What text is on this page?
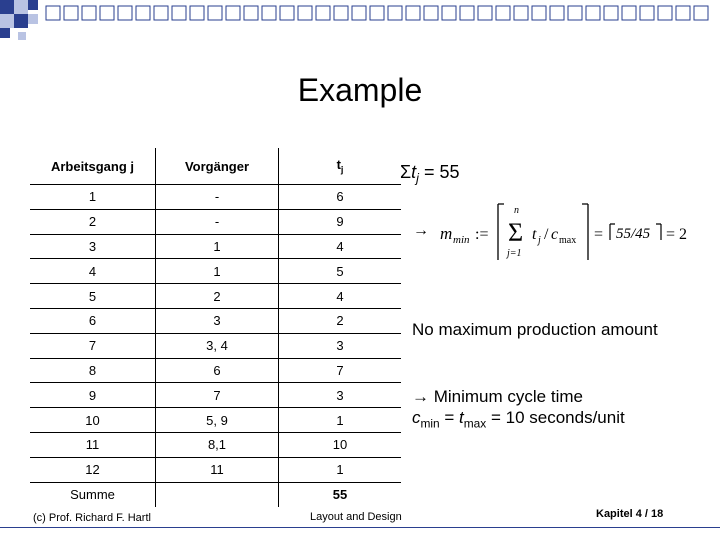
Example
Arbeitsgang j	Vorgänger	$t_j$
1	-	6
2	-	9
3	1	4
4	1	5
5	2	4
6	3	2
7	3, 4	3
8	6	7
9	7	3
10	5, 9	1
11	8,1	10
12	11	1
Summe		55
$\Sigma t_j = 55$
→ m min :=
n
Σ
j=1
t j / c max = 55/45 = 2
No maximum production amount
→ Minimum cycle time
$c_{min} = t_{max} = 10$ seconds/unit
(c) Prof. Richard F. Hartl	Layout and Design	Kapitel 4 / 18
